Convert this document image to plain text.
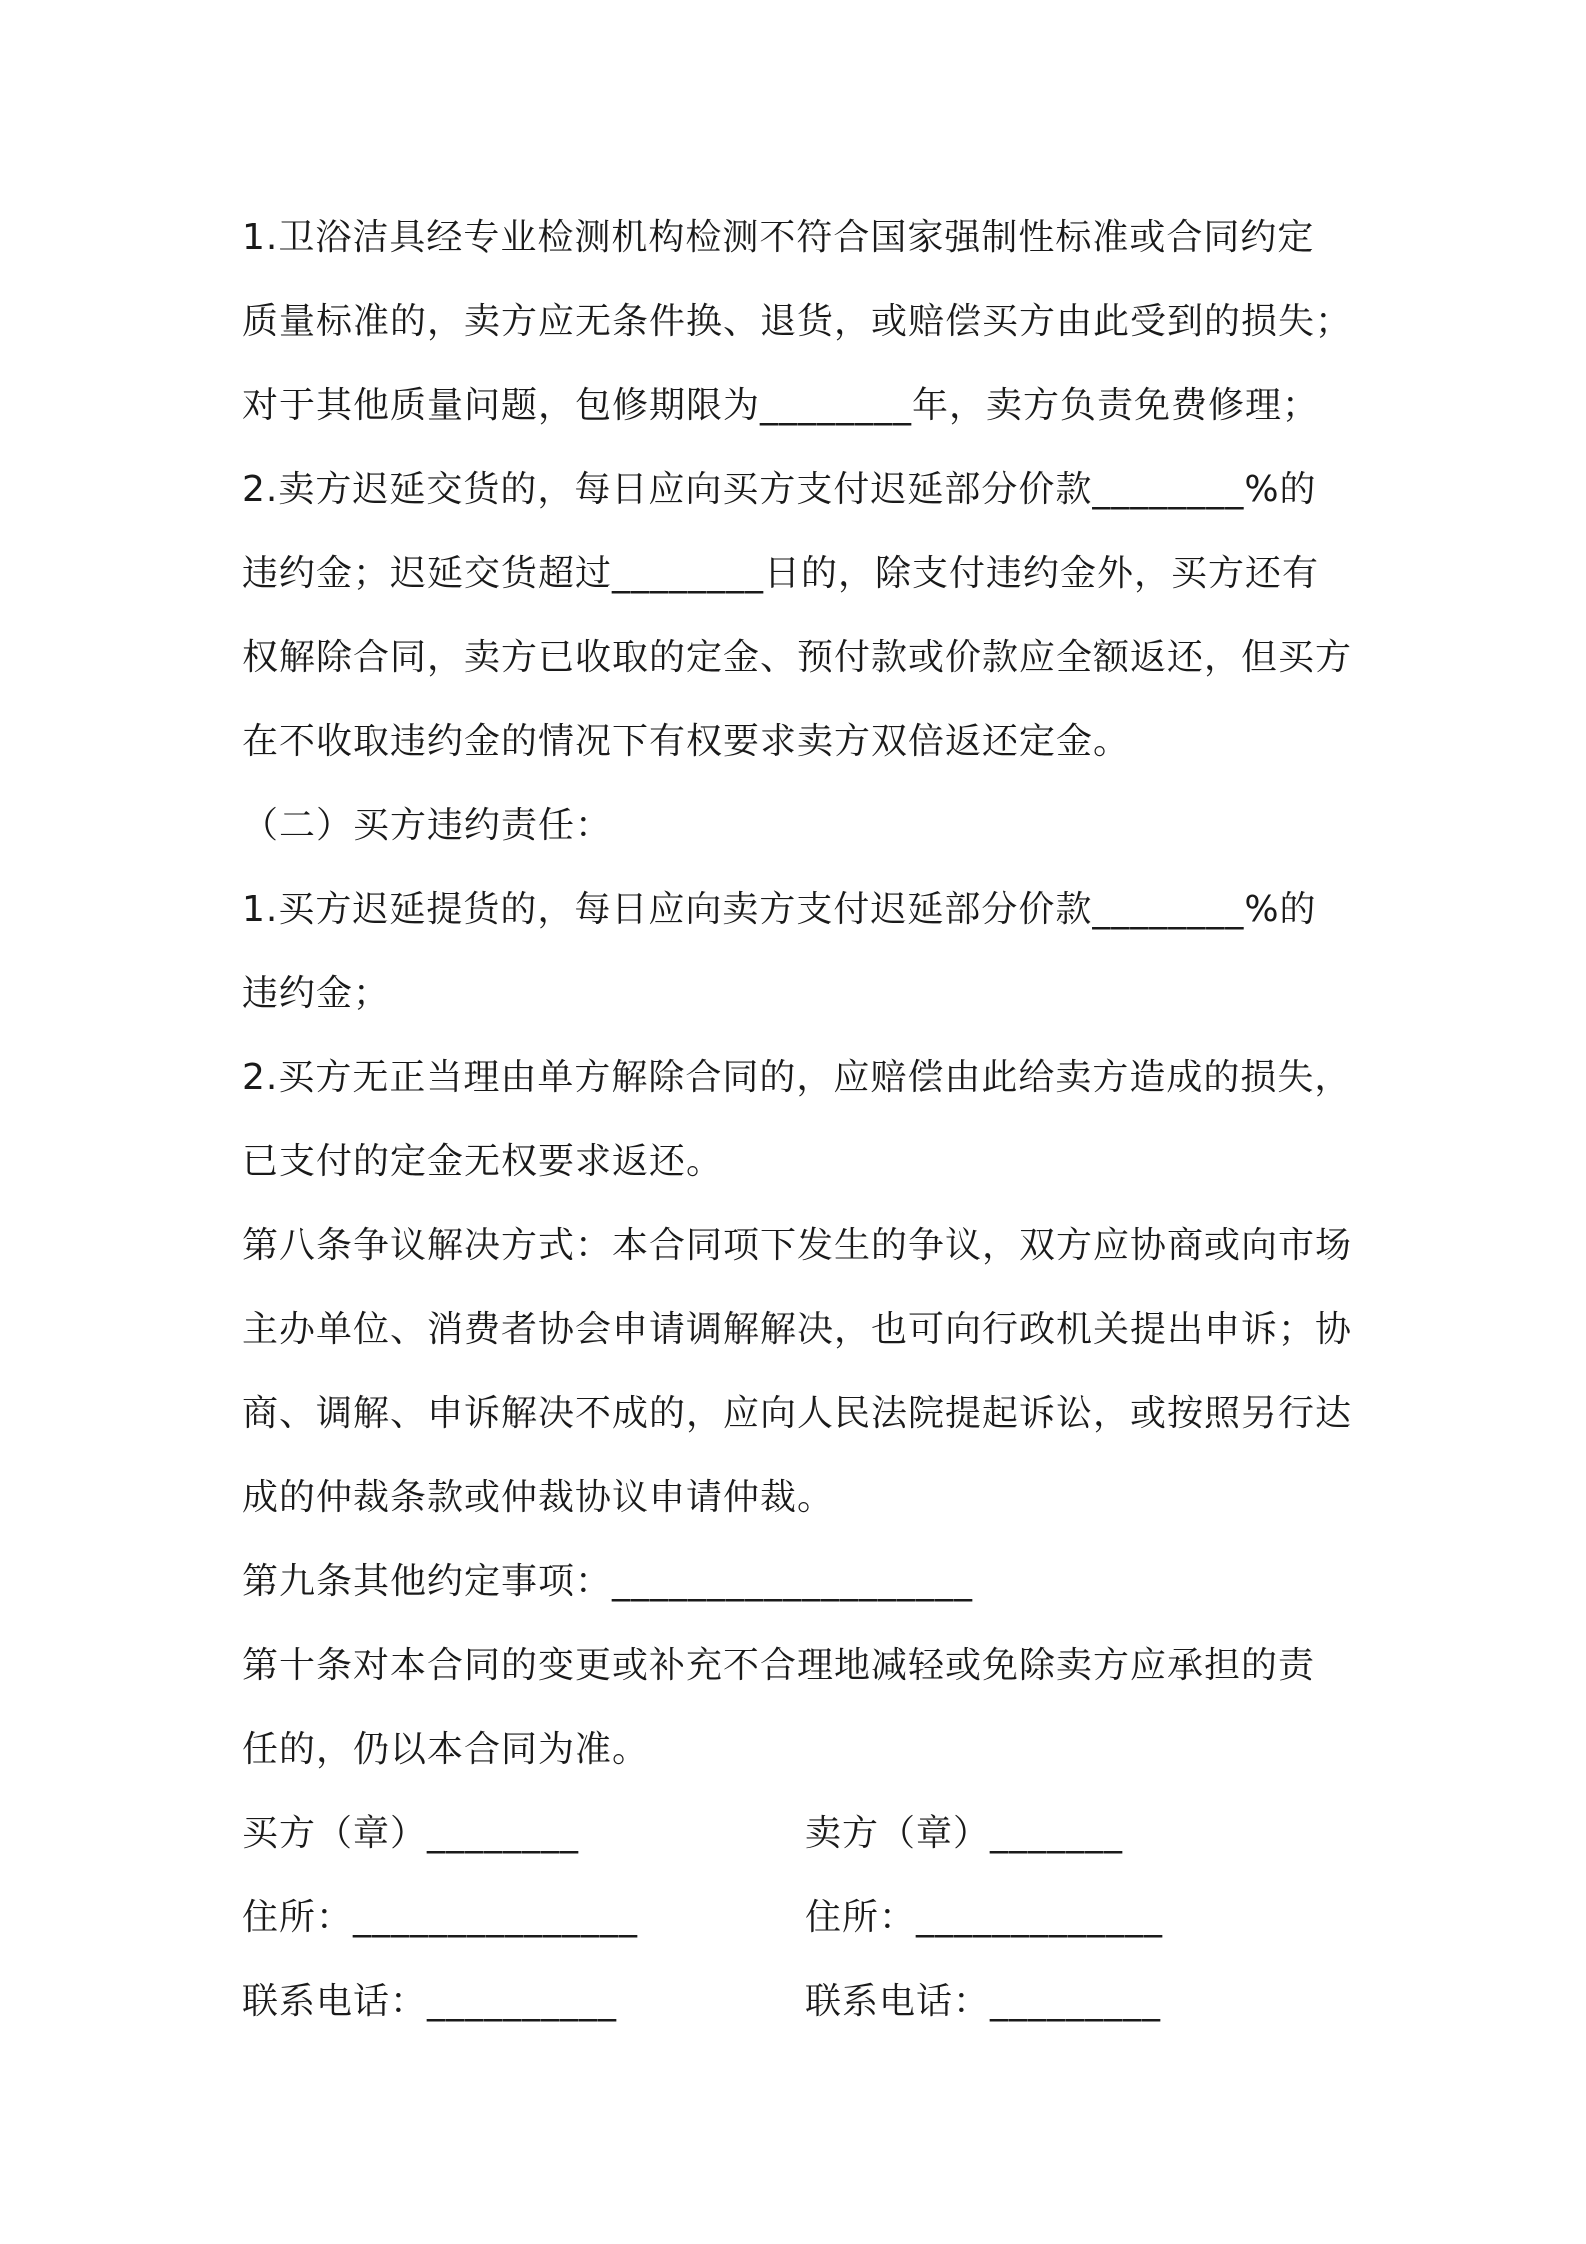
1.卫浴洁具经专业检测机构检测不符合国家强制性标准或合同约定
质量标准的，卖方应无条件换、退货，或赔偿买方由此受到的损失；
对于其他质量问题，包修期限为________年，卖方负责免费修理；
2.卖方迟延交货的，每日应向买方支付迟延部分价款________%的
违约金；迟延交货超过________日的，除支付违约金外，买方还有
权解除合同，卖方已收取的定金、预付款或价款应全额返还，但买方
在不收取违约金的情况下有权要求卖方双倍返还定金。
（二）买方违约责任：
1.买方迟延提货的，每日应向卖方支付迟延部分价款________%的
违约金；
2.买方无正当理由单方解除合同的，应赔偿由此给卖方造成的损失，
已支付的定金无权要求返还。
第八条争议解决方式：本合同项下发生的争议，双方应协商或向市场
主办单位、消费者协会申请调解解决，也可向行政机关提出申诉；协
商、调解、申诉解决不成的，应向人民法院提起诉讼，或按照另行达
成的仲裁条款或仲裁协议申请仲裁。
第九条其他约定事项：___________________
第十条对本合同的变更或补充不合理地减轻或免除卖方应承担的责
任的，仍以本合同为准。
买方（章）________	卖方（章）_______
住所：_______________	住所：_____________
联系电话：__________	联系电话：_________
